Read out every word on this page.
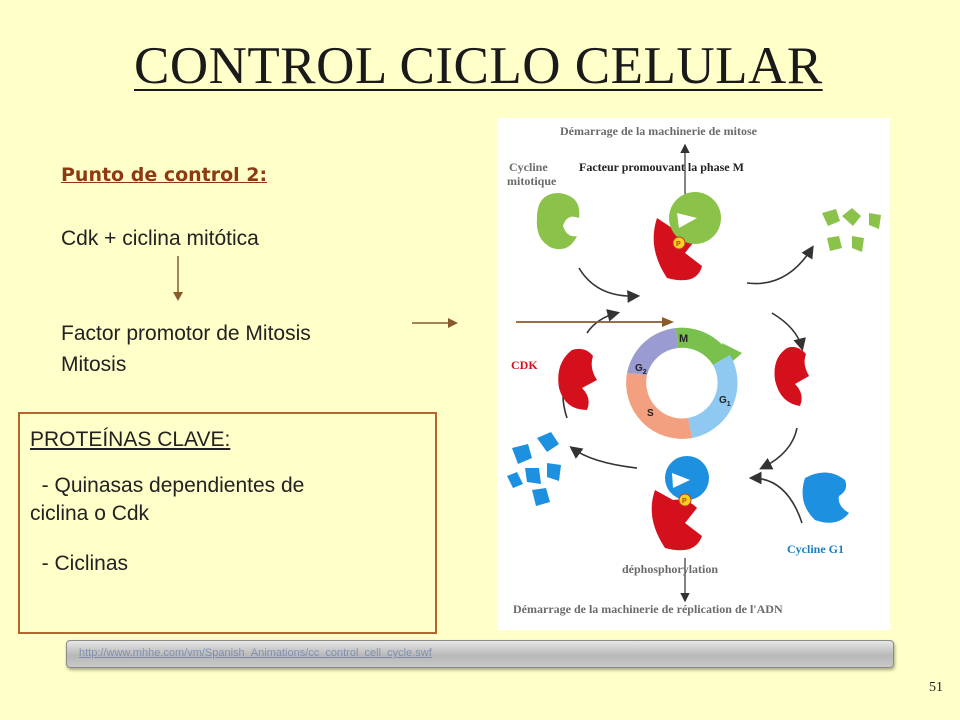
CONTROL CICLO CELULAR
Punto de control 2:
Cdk + ciclina mitótica
Factor promotor de Mitosis
Mitosis
PROTEÍNAS CLAVE:
- Quinasas dependientes de
ciclina o Cdk
- Ciclinas
M
$G_2$
S
$G_1$
P
P
Démarrage de la machinerie de mitose
Cycline
mitotique
Facteur promouvant la phase M
CDK
déphosphorylation
Cycline G1
Démarrage de la machinerie de réplication de l'ADN
http://www.mhhe.com/vm/Spanish_Animations/cc_control_cell_cycle.swf
51
